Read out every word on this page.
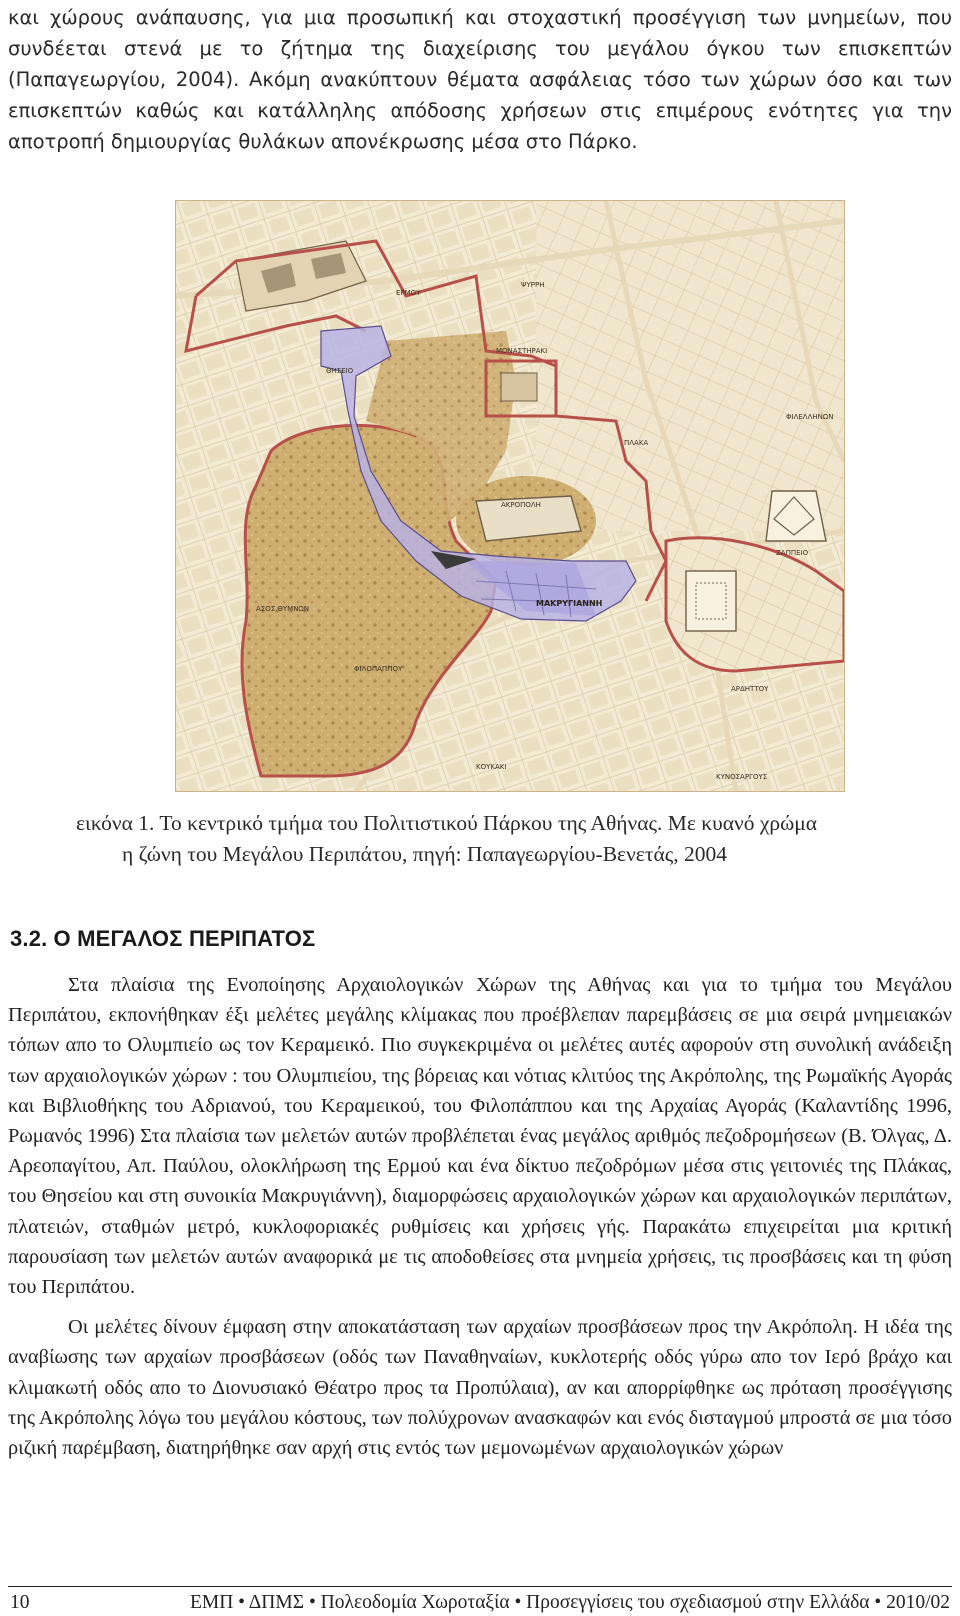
και χώρους ανάπαυσης, για μια προσωπική και στοχαστική προσέγγιση των μνημείων, που συνδέεται στενά με το ζήτημα της διαχείρισης του μεγάλου όγκου των επισκεπτών (Παπαγεωργίου, 2004). Ακόμη ανακύπτουν θέματα ασφάλειας τόσο των χώρων όσο και των επισκεπτών καθώς και κατάλληλης απόδοσης χρήσεων στις επιμέρους ενότητες για την αποτροπή δημιουργίας θυλάκων απονέκρωσης μέσα στο Πάρκο.
ΨΥΡΡΗ
ΕΡΜΟΥ
ΜΟΝΑΣΤΗΡΑΚΙ
ΘΗΣΕΙΟ
ΠΛΑΚΑ
ΑΚΡΟΠΟΛΗ
ΖΑΠΠΕΙΟ
ΜΑΚΡΥΓΙΑΝΝΗ
ΚΟΥΚΑΚΙ
ΚΥΝΟΣΑΡΓΟΥΣ
ΦΙΛΟΠΑΠΠΟΥ
ΑΣΟΣ ΘΥΜΝΩΝ
ΑΡΔΗΤΤΟΥ
ΦΙΛΕΛΛΗΝΩΝ
εικόνα 1. Το κεντρικό τμήμα του Πολιτιστικού Πάρκου της Αθήνας. Με κυανό χρώμα
η ζώνη του Μεγάλου Περιπάτου, πηγή: Παπαγεωργίου-Βενετάς, 2004
3.2. Ο ΜΕΓΑΛΟΣ ΠΕΡΙΠΑΤΟΣ

Στα πλαίσια της Ενοποίησης Αρχαιολογικών Χώρων της Αθήνας και για το τμήμα του Μεγάλου Περιπάτου, εκπονήθηκαν έξι μελέτες μεγάλης κλίμακας που προέβλεπαν παρεμβάσεις σε μια σειρά μνημειακών τόπων απο το Ολυμπιείο ως τον Κεραμεικό. Πιο συγκεκριμένα οι μελέτες αυτές αφορούν στη συνολική ανάδειξη των αρχαιολογικών χώρων : του Ολυμπιείου, της βόρειας και νότιας κλιτύος της Ακρόπολης, της Ρωμαϊκής Αγοράς και Βιβλιοθήκης του Αδριανού, του Κεραμεικού, του Φιλοπάππου και της Αρχαίας Αγοράς (Καλαντίδης 1996, Ρωμανός 1996) Στα πλαίσια των μελετών αυτών προβλέπεται ένας μεγάλος αριθμός πεζοδρομήσεων (Β. Όλγας, Δ. Αρεοπαγίτου, Απ. Παύλου, ολοκλήρωση της Ερμού και ένα δίκτυο πεζοδρόμων μέσα στις γειτονιές της Πλάκας, του Θησείου και στη συνοικία Μακρυγιάννη), διαμορφώσεις αρχαιολογικών χώρων και αρχαιολογικών περιπάτων, πλατειών, σταθμών μετρό, κυκλοφοριακές ρυθμίσεις και χρήσεις γής. Παρακάτω επιχειρείται μια κριτική παρουσίαση των μελετών αυτών αναφορικά με τις αποδοθείσες στα μνημεία χρήσεις, τις προσβάσεις και τη φύση του Περιπάτου.

Οι μελέτες δίνουν έμφαση στην αποκατάσταση των αρχαίων προσβάσεων προς την Ακρόπολη. Η ιδέα της αναβίωσης των αρχαίων προσβάσεων (οδός των Παναθηναίων, κυκλοτερής οδός γύρω απο τον Ιερό βράχο και κλιμακωτή οδός απο το Διονυσιακό Θέατρο προς τα Προπύλαια), αν και απορρίφθηκε ως πρόταση προσέγγισης της Ακρόπολης λόγω του μεγάλου κόστους, των πολύχρονων ανασκαφών και ενός δισταγμού μπροστά σε μια τόσο ριζική παρέμβαση, διατηρήθηκε σαν αρχή στις εντός των μεμονωμένων αρχαιολογικών χώρων

10	ΕΜΠ • ΔΠΜΣ • Πολεοδομία Χωροταξία • Προσεγγίσεις του σχεδιασμού στην Ελλάδα • 2010/02
